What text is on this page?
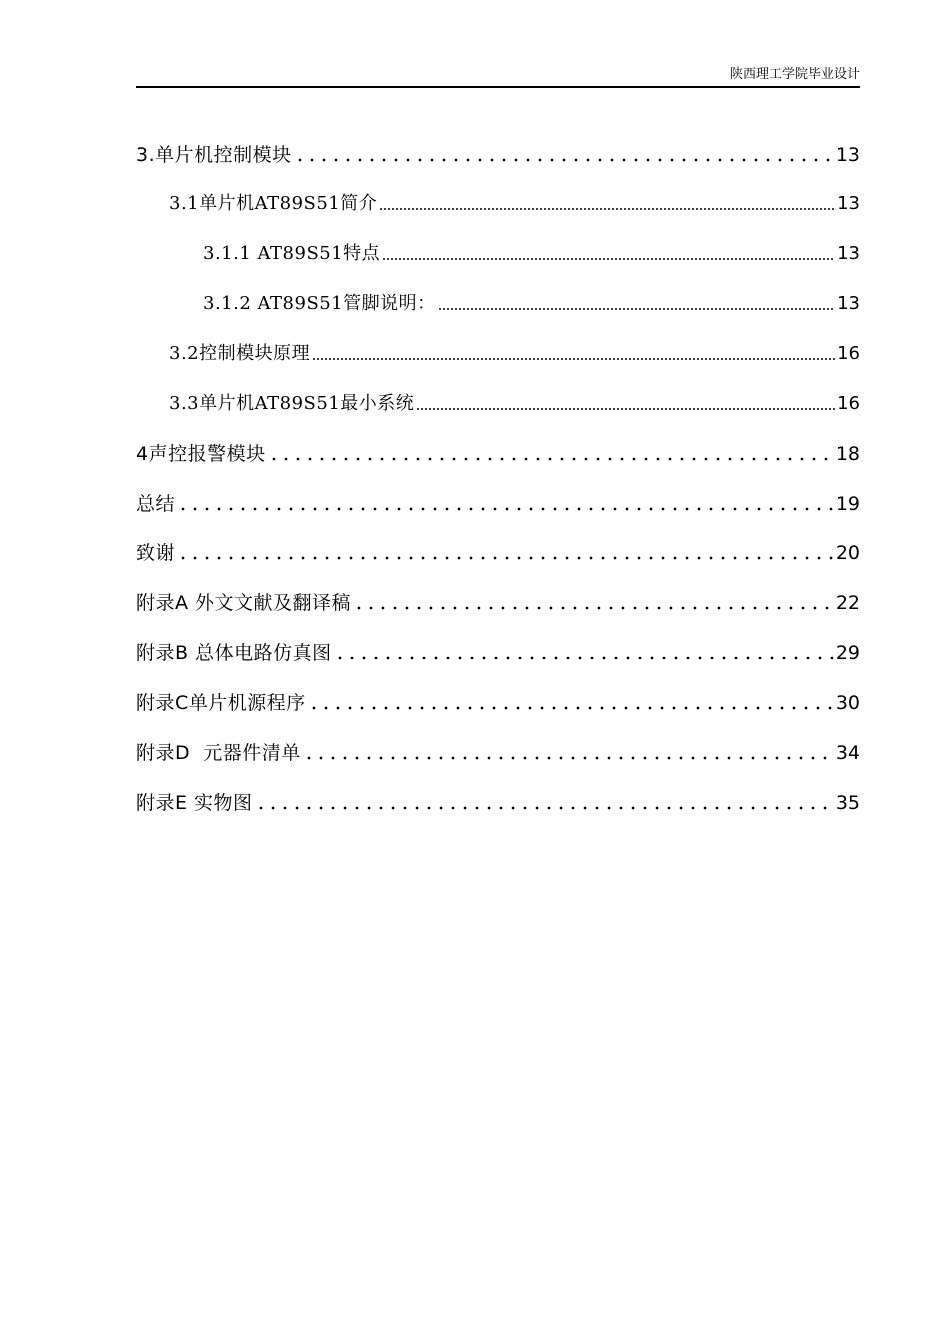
陕西理工学院毕业设计
3.单片机控制模块	13
3.1单片机AT89S51简介	13
3.1.1 AT89S51特点	13
3.1.2 AT89S51管脚说明：	13
3.2控制模块原理	16
3.3单片机AT89S51最小系统	16
4声控报警模块	18
总结	19
致谢	20
附录A 外文文献及翻译稿	22
附录B 总体电路仿真图	29
附录C单片机源程序	30
附录D  元器件清单	34
附录E 实物图	35
